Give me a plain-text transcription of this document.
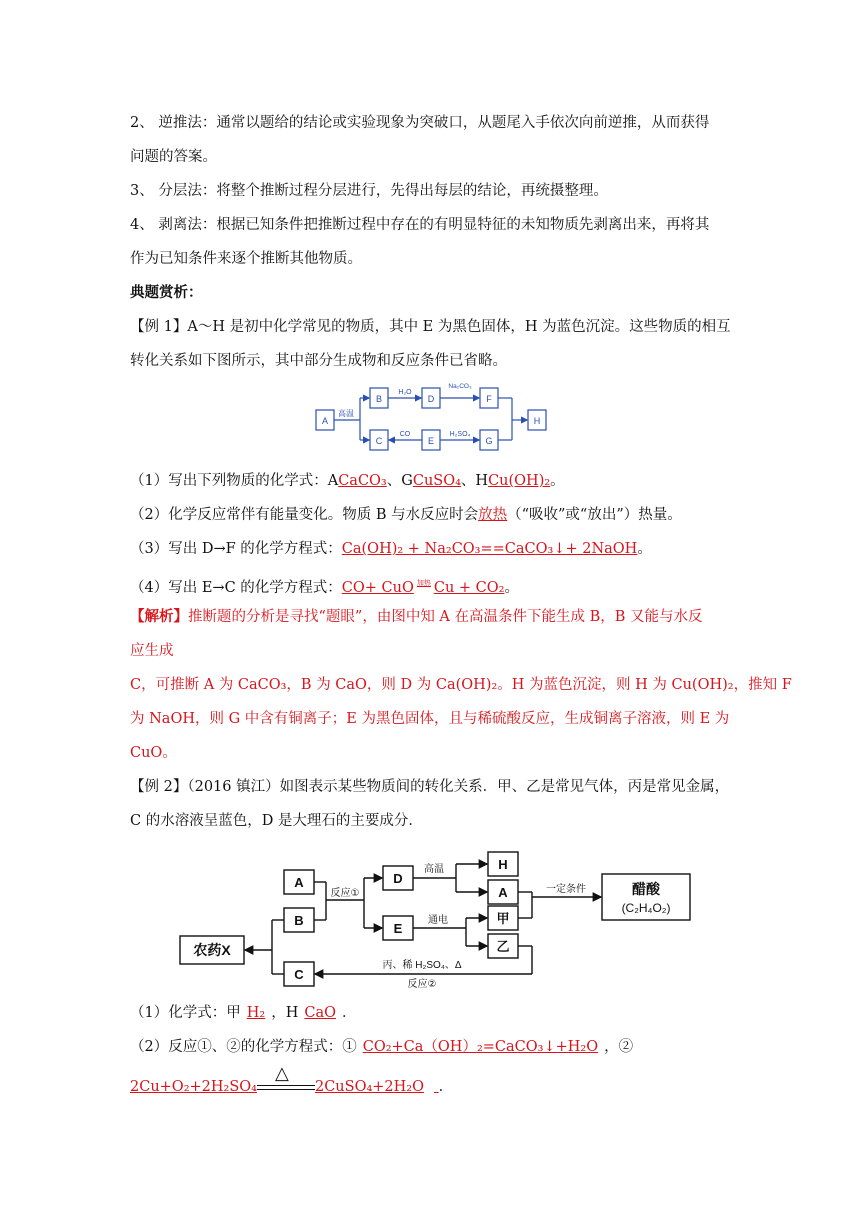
2、 逆推法：通常以题给的结论或实验现象为突破口，从题尾入手依次向前逆推，从而获得
问题的答案。
3、 分层法：将整个推断过程分层进行，先得出每层的结论，再统摄整理。
4、 剥离法：根据已知条件把推断过程中存在的有明显特征的未知物质先剥离出来，再将其
作为已知条件来逐个推断其他物质。
典题赏析：
【例 1】A～H 是初中化学常见的物质，其中 E 为黑色固体，H 为蓝色沉淀。这些物质的相互
转化关系如下图所示，其中部分生成物和反应条件已省略。
A
B
C
D
E
F
G
H
高温
H₂O
Na₂CO₃
CO	H₂SO₄
（1）写出下列物质的化学式：ACaCO₃、GCuSO₄、HCu(OH)₂。
（2）化学反应常伴有能量变化。物质 B 与水反应时会放热（“吸收”或“放出”）热量。
（3）写出 D→F 的化学方程式：Ca(OH)₂ + Na₂CO₃==CaCO₃↓+ 2NaOH。
（4）写出 E→C 的化学方程式：CO+ CuO $^{加热}$ Cu + CO₂。
【解析】推断题的分析是寻找“题眼”，由图中知 A 在高温条件下能生成 B，B 又能与水反
应生成
C，可推断 A 为 CaCO₃，B 为 CaO，则 D 为 Ca(OH)₂。H 为蓝色沉淀，则 H 为 Cu(OH)₂，推知 F
为 NaOH，则 G 中含有铜离子；E 为黑色固体，且与稀硫酸反应，生成铜离子溶液，则 E 为
CuO。
【例 2】（2016 镇江）如图表示某些物质间的转化关系．甲、乙是常见气体，丙是常见金属，
C 的水溶液呈蓝色，D 是大理石的主要成分．
A
B
C
D
E
H
A
甲
乙
农药X
醋酸
(C₂H₄O₂)
反应①
高温
通电
一定条件
丙、稀 H₂SO₄、Δ
反应②
（1）化学式：甲 H₂ ，H CaO ．
（2）反应①、②的化学方程式：① CO₂+Ca（OH）₂=CaCO₃↓+H₂O ，②
2Cu+O₂+2H₂SO₄
△
2CuSO₄+2H₂O ．
